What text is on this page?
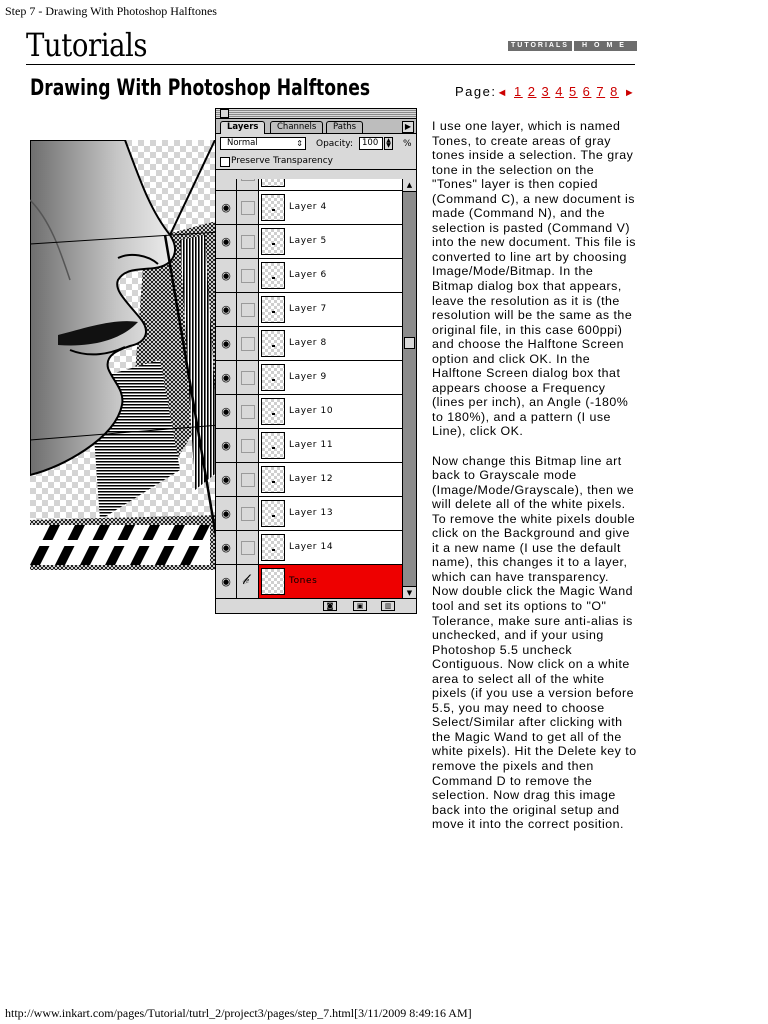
Step 7 - Drawing With Photoshop Halftones
Tutorials	TUTORIALS	HOME
Drawing With Photoshop Halftones	Page:◄ 1 2 3 4 5 6 7 8 ►
Layers	Channels	Paths	▶
Normal	⇕ Opacity:	100	▲
▼ %
Preserve Transparency
◉	Layer 4
◉	Layer 5
◉	Layer 6
◉	Layer 7
◉	Layer 8
◉	Layer 9
◉	Layer 10
◉	Layer 11
◉	Layer 12
◉	Layer 13
◉	Layer 14
◉ 𝒷	Tones
▲
▼
◙	▣	▥

I use one layer, which is named Tones, to create areas of gray tones inside a selection. The gray tone in the selection on the "Tones" layer is then copied (Command C), a new document is made (Command N), and the selection is pasted (Command V) into the new document. This file is converted to line art by choosing Image/Mode/Bitmap. In the Bitmap dialog box that appears, leave the resolution as it is (the resolution will be the same as the original file, in this case 600ppi) and choose the Halftone Screen option and click OK. In the Halftone Screen dialog box that appears choose a Frequency (lines per inch), an Angle (-180% to 180%), and a pattern (I use Line), click OK.

Now change this Bitmap line art back to Grayscale mode (Image/Mode/Grayscale), then we will delete all of the white pixels. To remove the white pixels double click on the Background and give it a new name (I use the default name), this changes it to a layer, which can have transparency. Now double click the Magic Wand tool and set its options to "O" Tolerance, make sure anti-alias is unchecked, and if your using Photoshop 5.5 uncheck Contiguous. Now click on a white area to select all of the white pixels (if you use a version before 5.5, you may need to choose Select/Similar after clicking with the Magic Wand to get all of the white pixels). Hit the Delete key to remove the pixels and then Command D to remove the selection. Now drag this image back into the original setup and move it into the correct position.

http://www.inkart.com/pages/Tutorial/tutrl_2/project3/pages/step_7.html[3/11/2009 8:49:16 AM]
